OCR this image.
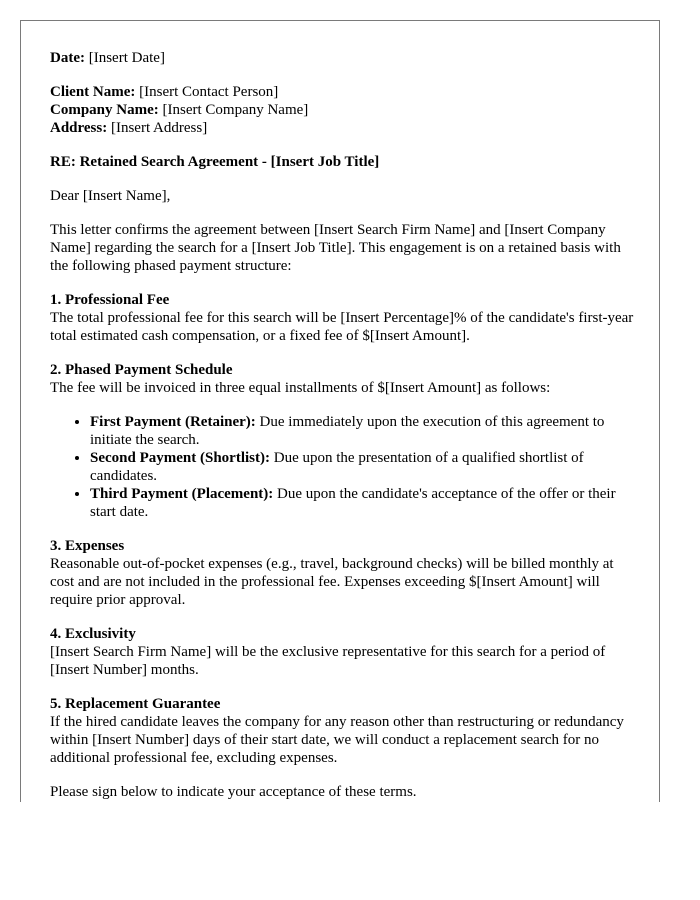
Date: [Insert Date]

Client Name: [Insert Contact Person]

Company Name: [Insert Company Name]

Address: [Insert Address]

RE: Retained Search Agreement - [Insert Job Title]

Dear [Insert Name],

This letter confirms the agreement between [Insert Search Firm Name] and [Insert Company Name] regarding the search for a [Insert Job Title]. This engagement is on a retained basis with the following phased payment structure:

1. Professional Fee

The total professional fee for this search will be [Insert Percentage]% of the candidate's first-year total estimated cash compensation, or a fixed fee of $[Insert Amount].

2. Phased Payment Schedule

The fee will be invoiced in three equal installments of $[Insert Amount] as follows:

• First Payment (Retainer): Due immediately upon the execution of this agreement to initiate the search.
• Second Payment (Shortlist): Due upon the presentation of a qualified shortlist of candidates.
• Third Payment (Placement): Due upon the candidate's acceptance of the offer or their start date.

3. Expenses

Reasonable out-of-pocket expenses (e.g., travel, background checks) will be billed monthly at cost and are not included in the professional fee. Expenses exceeding $[Insert Amount] will require prior approval.

4. Exclusivity

[Insert Search Firm Name] will be the exclusive representative for this search for a period of [Insert Number] months.

5. Replacement Guarantee

If the hired candidate leaves the company for any reason other than restructuring or redundancy within [Insert Number] days of their start date, we will conduct a replacement search for no additional professional fee, excluding expenses.

Please sign below to indicate your acceptance of these terms.
